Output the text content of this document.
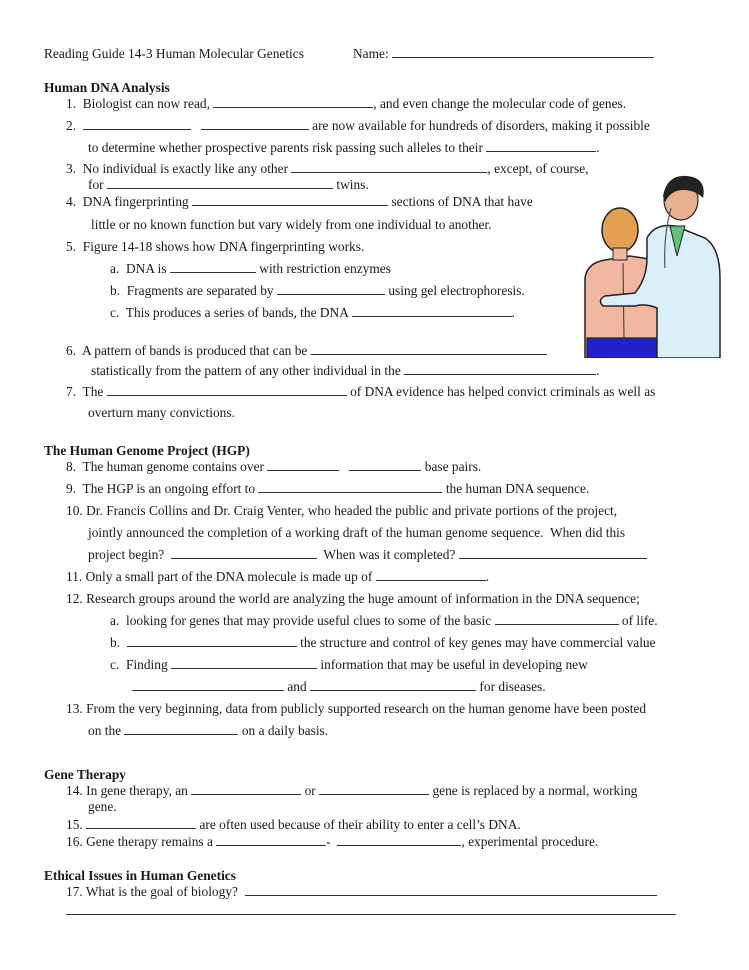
Reading Guide 14-3 Human Molecular Genetics	Name:
Human DNA Analysis
1. Biologist can now read,	, and even change the molecular code of genes.
2.	are now available for hundreds of disorders, making it possible
to determine whether prospective parents risk passing such alleles to their	.
3. No individual is exactly like any other	, except, of course,
for	twins.
4. DNA fingerprinting	sections of DNA that have
little or no known function but vary widely from one individual to another.
5. Figure 14-18 shows how DNA fingerprinting works.
a. DNA is	with restriction enzymes
b. Fragments are separated by	using gel electrophoresis.
c. This produces a series of bands, the DNA	.
6. A pattern of bands is produced that can be
statistically from the pattern of any other individual in the	.
7. The	of DNA evidence has helped convict criminals as well as
overturn many convictions.
The Human Genome Project (HGP)
8. The human genome contains over	base pairs.
9. The HGP is an ongoing effort to	the human DNA sequence.
10. Dr. Francis Collins and Dr. Craig Venter, who headed the public and private portions of the project,
jointly announced the completion of a working draft of the human genome sequence.  When did this
project begin?	When was it completed?
11. Only a small part of the DNA molecule is made up of	.
12. Research groups around the world are analyzing the huge amount of information in the DNA sequence;
a. looking for genes that may provide useful clues to some of the basic	of life.
b.	the structure and control of key genes may have commercial value
c. Finding	information that may be useful in developing new
and	for diseases.
13. From the very beginning, data from publicly supported research on the human genome have been posted
on the	on a daily basis.
Gene Therapy
14. In gene therapy, an	or	gene is replaced by a normal, working
gene.
15.	are often used because of their ability to enter a cell’s DNA.
16. Gene therapy remains a	-	, experimental procedure.
Ethical Issues in Human Genetics
17. What is the goal of biology?
